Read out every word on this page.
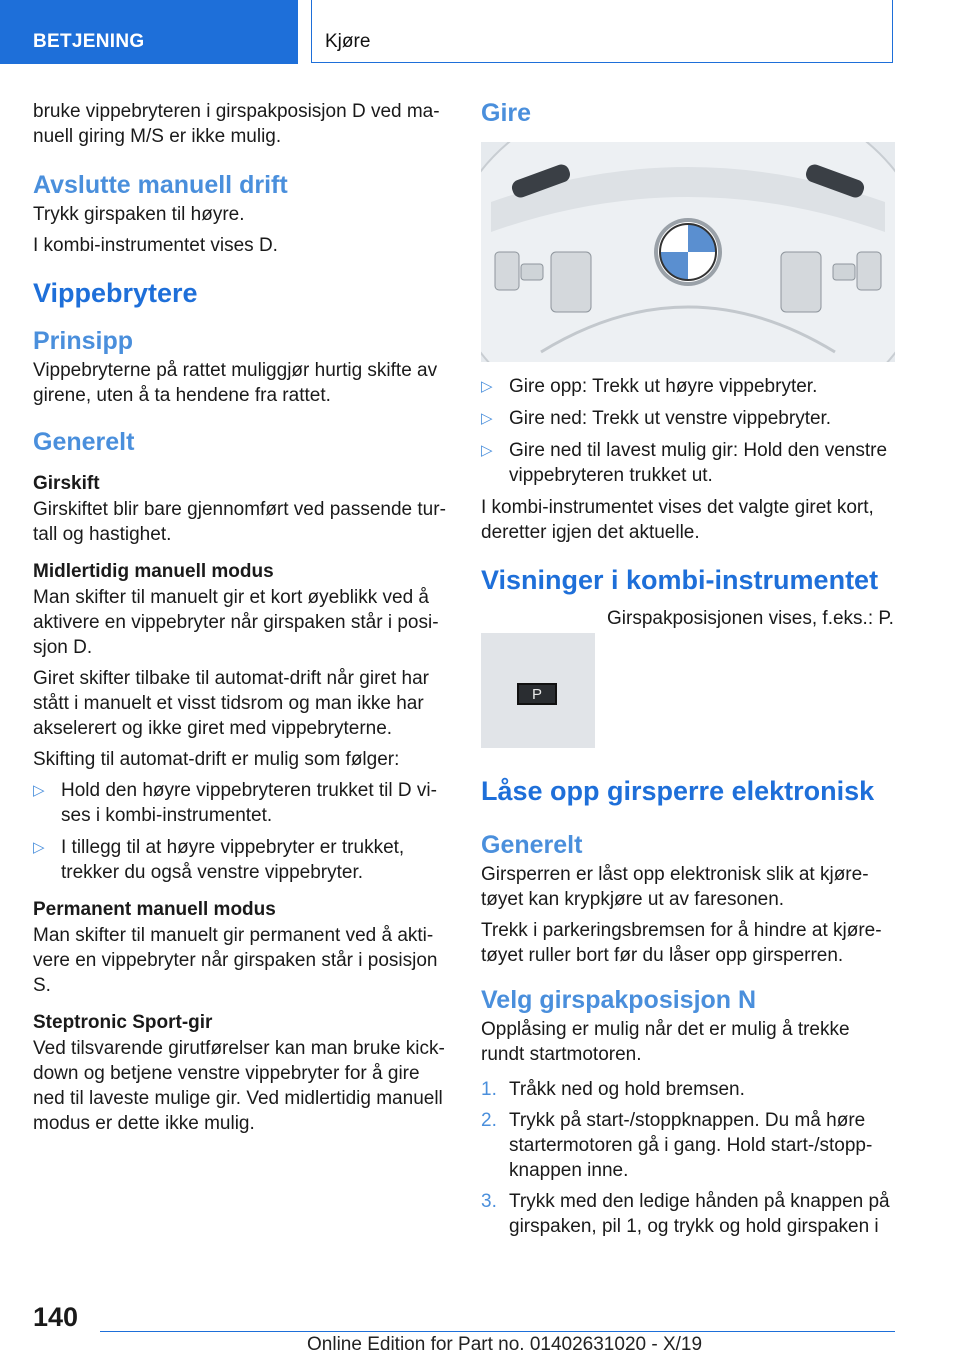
BETJENING	Kjøre

bruke vippebryteren i girspakposisjon D ved ma-nuell giring M/S er ikke mulig.

Avslutte manuell drift

Trykk girspaken til høyre.

I kombi-instrumentet vises D.

Vippebrytere
Prinsipp

Vippebryterne på rattet muliggjør hurtig skifte av girene, uten å ta hendene fra rattet.

Generelt
Girskift

Girskiftet blir bare gjennomført ved passende tur-tall og hastighet.

Midlertidig manuell modus

Man skifter til manuelt gir et kort øyeblikk ved å aktivere en vippebryter når girspaken står i posi-sjon D.

Giret skifter tilbake til automat-drift når giret har stått i manuelt et visst tidsrom og man ikke har akselerert og ikke giret med vippebryterne.

Skifting til automat-drift er mulig som følger:

▷ Hold den høyre vippebryteren trukket til D vi-ses i kombi-instrumentet.
▷ I tillegg til at høyre vippebryter er trukket, trekker du også venstre vippebryter.
Permanent manuell modus

Man skifter til manuelt gir permanent ved å akti-vere en vippebryter når girspaken står i posisjon S.

Steptronic Sport-gir

Ved tilsvarende girutførelser kan man bruke kick-down og betjene venstre vippebryter for å gire ned til laveste mulige gir. Ved midlertidig manuell modus er dette ikke mulig.

Gire
▷ Gire opp: Trekk ut høyre vippebryter.
▷ Gire ned: Trekk ut venstre vippebryter.
▷ Gire ned til lavest mulig gir: Hold den venstre vippebryteren trukket ut.

I kombi-instrumentet vises det valgte giret kort, deretter igjen det aktuelle.

Visninger i kombi-instrumentet

Girspakposisjonen vises, f.eks.: P.

P
Låse opp girsperre elektronisk
Generelt

Girsperren er låst opp elektronisk slik at kjøre-tøyet kan krypkjøre ut av faresonen.

Trekk i parkeringsbremsen for å hindre at kjøre-tøyet ruller bort før du låser opp girsperren.

Velg girspakposisjon N

Opplåsing er mulig når det er mulig å trekke rundt startmotoren.

1. Tråkk ned og hold bremsen.
2. Trykk på start-/stoppknappen. Du må høre startermotoren gå i gang. Hold start-/stopp-knappen inne.
3. Trykk med den ledige hånden på knappen på girspaken, pil 1, og trykk og hold girspaken i
140
Online Edition for Part no. 01402631020 - X/19
